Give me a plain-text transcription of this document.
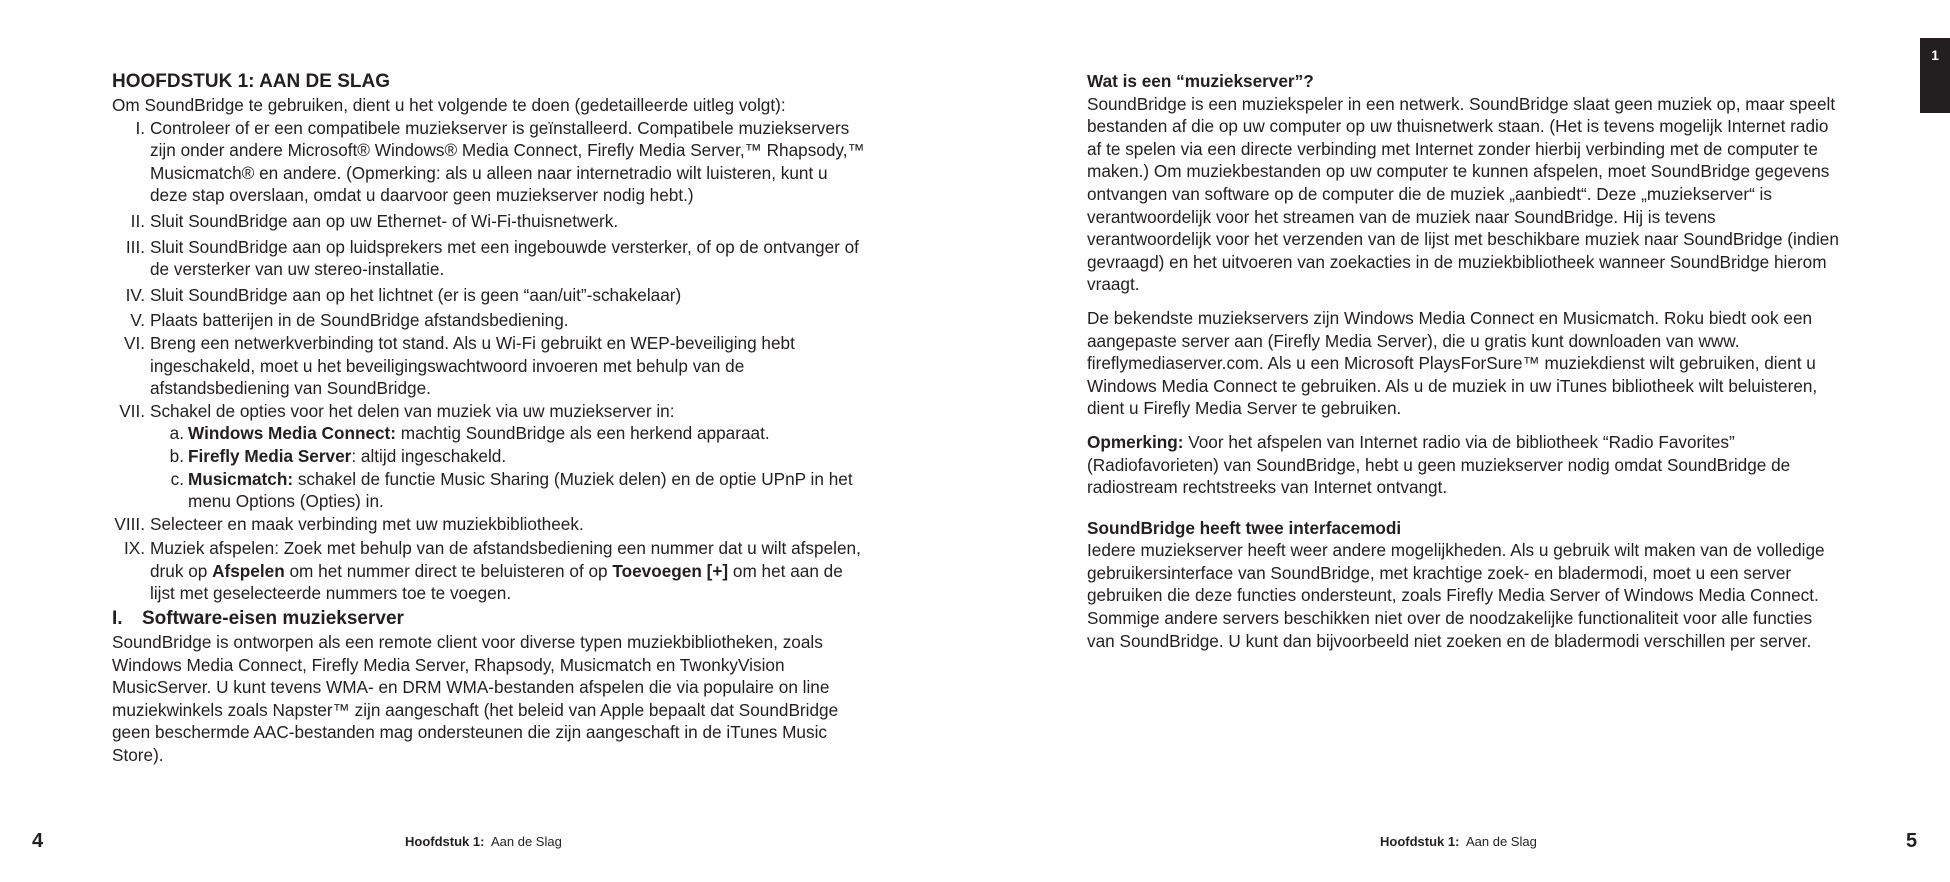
HOOFDSTUK 1: AAN DE SLAG

Om SoundBridge te gebruiken, dient u het volgende te doen (gedetailleerde uitleg volgt):

I. Controleer of er een compatibele muziekserver is geïnstalleerd. Compatibele muziekservers zijn onder andere Microsoft® Windows® Media Connect, Firefly Media Server,™ Rhapsody,™ Musicmatch® en andere. (Opmerking: als u alleen naar internetradio wilt luisteren, kunt u deze stap overslaan, omdat u daarvoor geen muziekserver nodig hebt.)
II. Sluit SoundBridge aan op uw Ethernet- of Wi-Fi-thuisnetwerk.
III. Sluit SoundBridge aan op luidsprekers met een ingebouwde versterker, of op de ontvanger of de versterker van uw stereo-installatie.
IV. Sluit SoundBridge aan op het lichtnet (er is geen “aan/uit”-schakelaar)
V. Plaats batterijen in de SoundBridge afstandsbediening.
VI. Breng een netwerkverbinding tot stand. Als u Wi-Fi gebruikt en WEP-beveiliging hebt ingeschakeld, moet u het beveiligingswachtwoord invoeren met behulp van de afstandsbediening van SoundBridge.
VII. Schakel de opties voor het delen van muziek via uw muziekserver in:
a. Windows Media Connect: machtig SoundBridge als een herkend apparaat.
b. Firefly Media Server: altijd ingeschakeld.
c. Musicmatch: schakel de functie Music Sharing (Muziek delen) en de optie UPnP in het menu Options (Opties) in.
VIII. Selecteer en maak verbinding met uw muziekbibliotheek.
IX. Muziek afspelen: Zoek met behulp van de afstandsbediening een nummer dat u wilt afspelen, druk op Afspelen om het nummer direct te beluisteren of op Toevoegen [+] om het aan de lijst met geselecteerde nummers toe te voegen.
I. Software-eisen muziekserver

SoundBridge is ontworpen als een remote client voor diverse typen muziekbibliotheken, zoals Windows Media Connect, Firefly Media Server, Rhapsody, Musicmatch en TwonkyVision MusicServer. U kunt tevens WMA- en DRM WMA-bestanden afspelen die via populaire on line muziekwinkels zoals Napster™ zijn aangeschaft (het beleid van Apple bepaalt dat SoundBridge geen beschermde AAC-bestanden mag ondersteunen die zijn aangeschaft in de iTunes Music Store).

Wat is een “muziekserver”?

SoundBridge is een muziekspeler in een netwerk. SoundBridge slaat geen muziek op, maar speelt bestanden af die op uw computer op uw thuisnetwerk staan. (Het is tevens mogelijk Internet radio af te spelen via een directe verbinding met Internet zonder hierbij verbinding met de computer te maken.) Om muziekbestanden op uw computer te kunnen afspelen, moet SoundBridge gegevens ontvangen van software op de computer die de muziek „aanbiedt“. Deze „muziekserver“ is verantwoordelijk voor het streamen van de muziek naar SoundBridge. Hij is tevens verantwoordelijk voor het verzenden van de lijst met beschikbare muziek naar SoundBridge (indien gevraagd) en het uitvoeren van zoekacties in de muziekbibliotheek wanneer SoundBridge hierom vraagt.

De bekendste muziekservers zijn Windows Media Connect en Musicmatch. Roku biedt ook een aangepaste server aan (Firefly Media Server), die u gratis kunt downloaden van www. fireflymediaserver.com. Als u een Microsoft PlaysForSure™ muziekdienst wilt gebruiken, dient u Windows Media Connect te gebruiken. Als u de muziek in uw iTunes bibliotheek wilt beluisteren, dient u Firefly Media Server te gebruiken.

Opmerking: Voor het afspelen van Internet radio via de bibliotheek “Radio Favorites” (Radiofavorieten) van SoundBridge, hebt u geen muziekserver nodig omdat SoundBridge de radiostream rechtstreeks van Internet ontvangt.

SoundBridge heeft twee interfacemodi

Iedere muziekserver heeft weer andere mogelijkheden. Als u gebruik wilt maken van de volledige gebruikersinterface van SoundBridge, met krachtige zoek- en bladermodi, moet u een server gebruiken die deze functies ondersteunt, zoals Firefly Media Server of Windows Media Connect. Sommige andere servers beschikken niet over de noodzakelijke functionaliteit voor alle functies van SoundBridge. U kunt dan bijvoorbeeld niet zoeken en de bladermodi verschillen per server.

4	Hoofdstuk 1: Aan de Slag	Hoofdstuk 1: Aan de Slag	5
1
